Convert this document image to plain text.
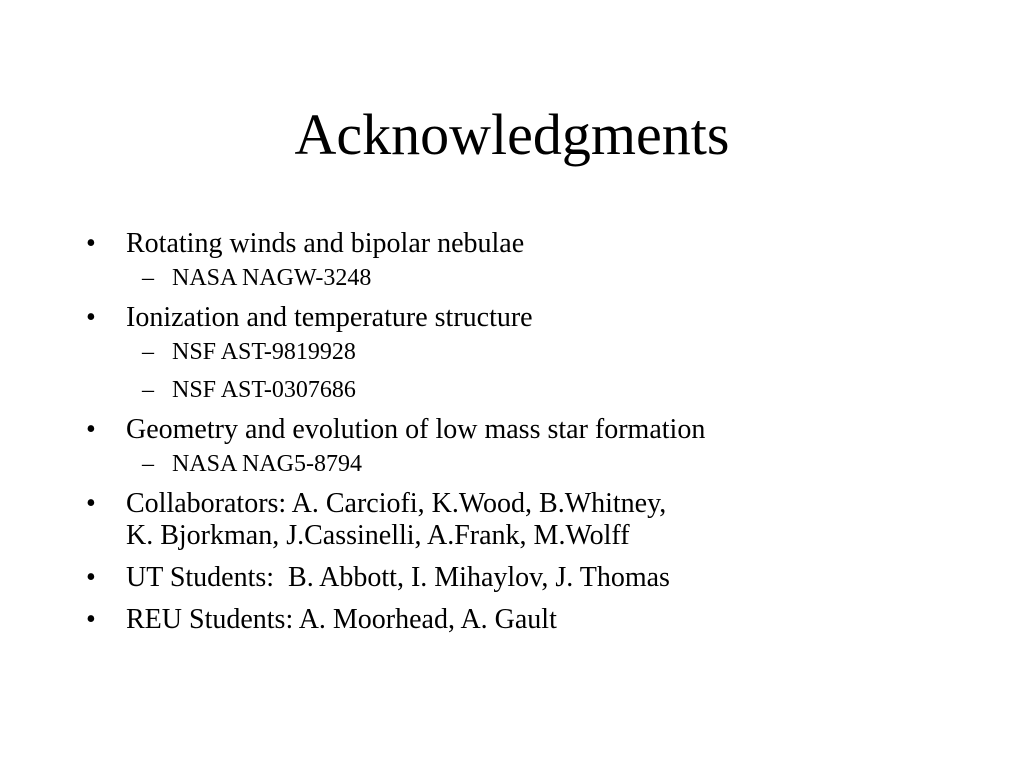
Acknowledgments
• Rotating winds and bipolar nebulae
– NASA NAGW-3248
• Ionization and temperature structure
– NSF AST-9819928
– NSF AST-0307686
• Geometry and evolution of low mass star formation
– NASA NAG5-8794
• Collaborators: A. Carciofi, K.Wood, B.Whitney,
K. Bjorkman, J.Cassinelli, A.Frank, M.Wolff
• UT Students:  B. Abbott, I. Mihaylov, J. Thomas
• REU Students: A. Moorhead, A. Gault
